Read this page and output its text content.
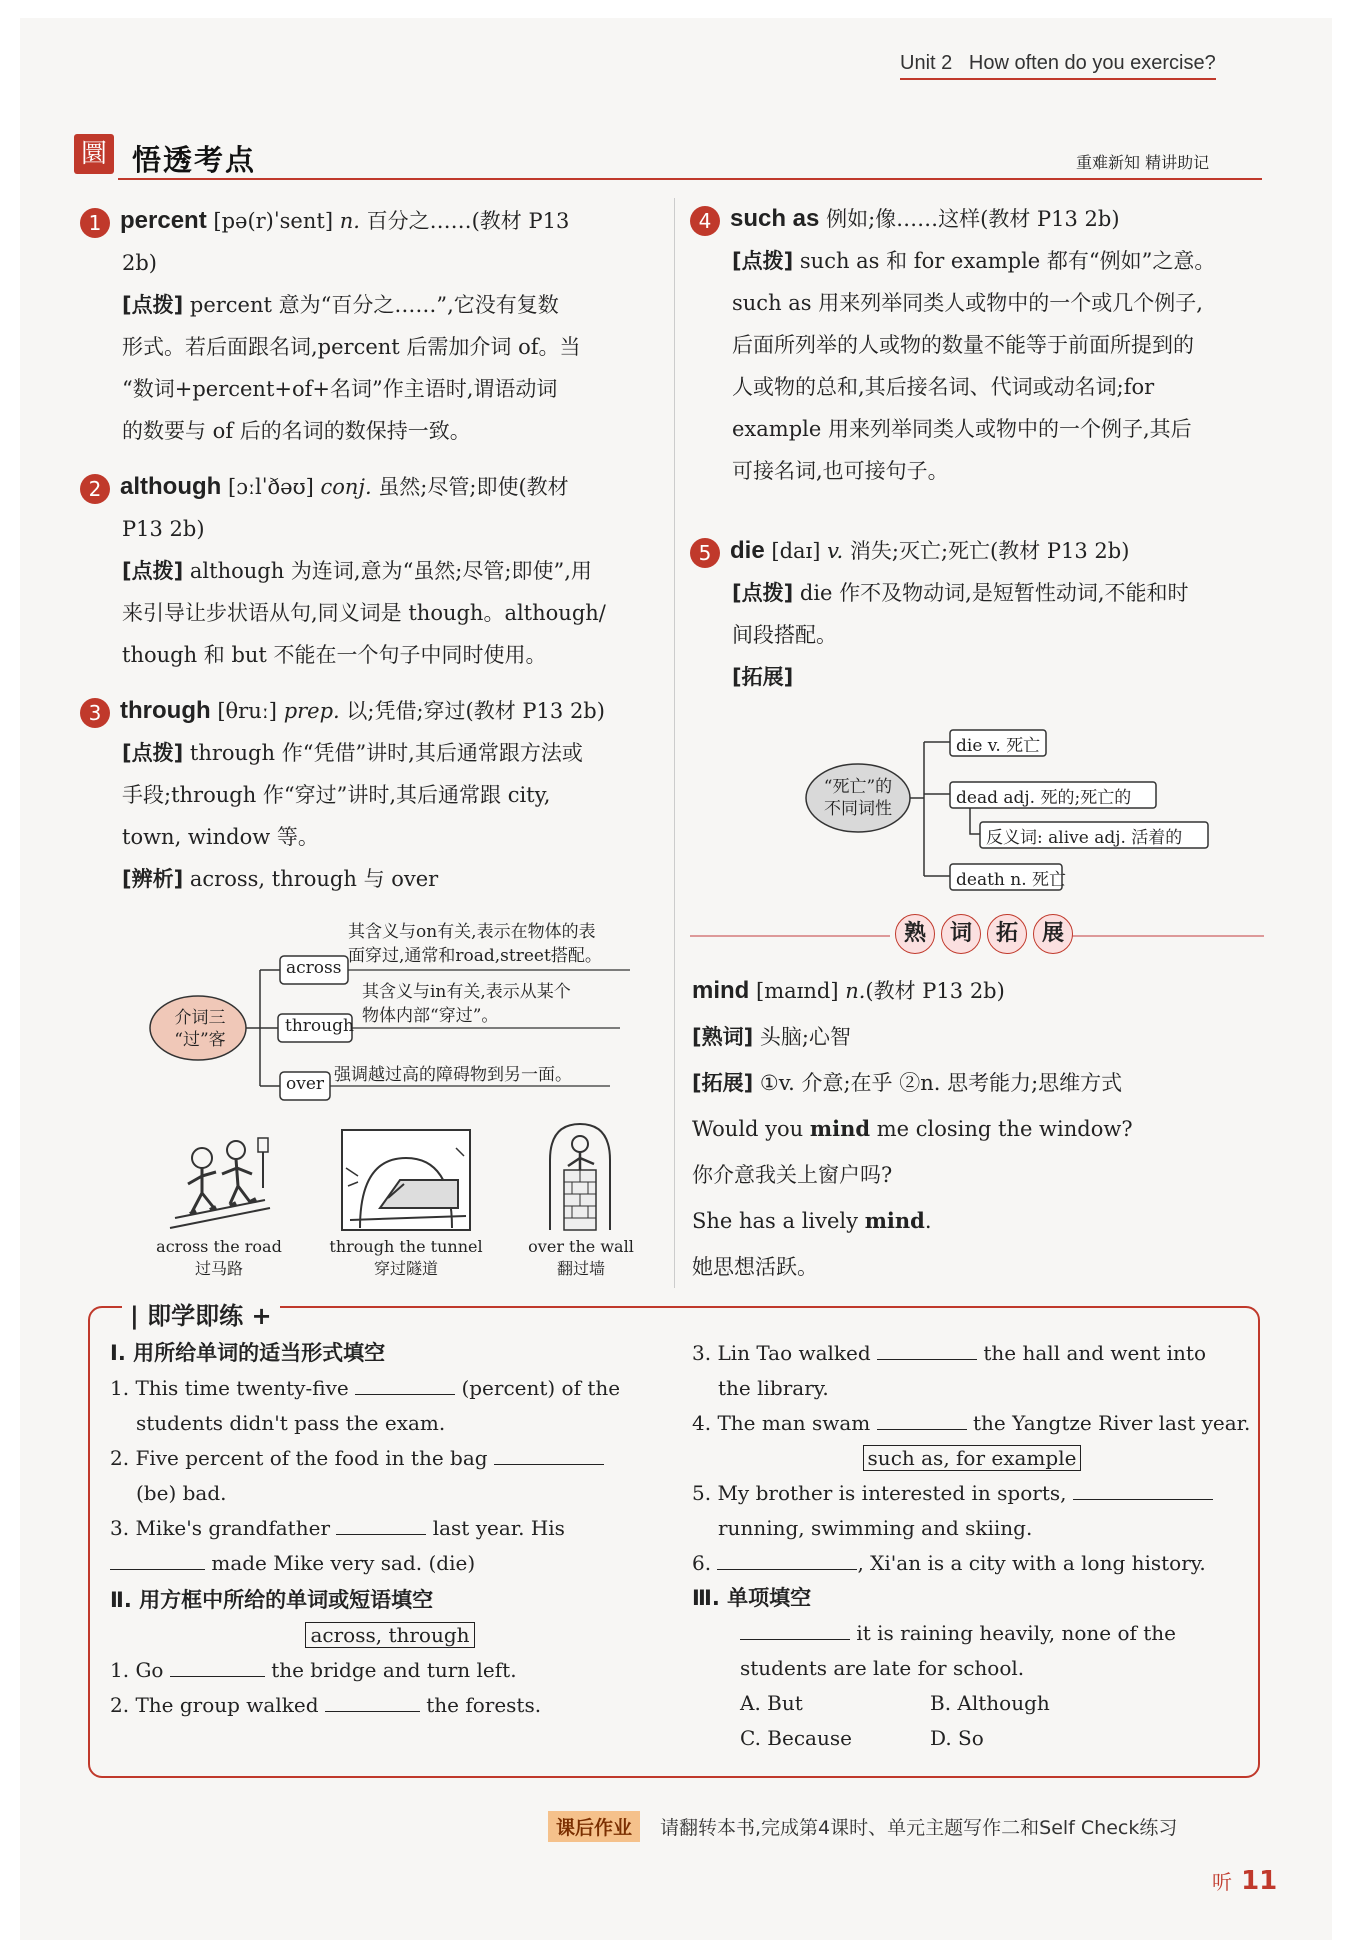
Unit 2 How often do you exercise?
圜 悟透考点	重难新知 精讲助记
1 percent [pə(r)ˈsent] n. 百分之……(教材 P13
2b)
[点拨] percent 意为“百分之……”,它没有复数
形式。若后面跟名词,percent 后需加介词 of。当
“数词+percent+of+名词”作主语时,谓语动词
的数要与 of 后的名词的数保持一致。
2 although [ɔːlˈðəʊ] conj. 虽然;尽管;即使(教材
P13 2b)
[点拨] although 为连词,意为“虽然;尽管;即使”,用
来引导让步状语从句,同义词是 though。although/
though 和 but 不能在一个句子中同时使用。
3 through [θruː] prep. 以;凭借;穿过(教材 P13 2b)
[点拨] through 作“凭借”讲时,其后通常跟方法或
手段;through 作“穿过”讲时,其后通常跟 city,
town, window 等。
[辨析] across, through 与 over
介词三
“过”客
across
through
over
其含义与on有关,表示在物体的表
面穿过,通常和road,street搭配。
其含义与in有关,表示从某个
物体内部“穿过”。
强调越过高的障碍物到另一面。
across the road
过马路
through the tunnel
穿过隧道
over the wall
翻过墙
4 such as 例如;像……这样(教材 P13 2b)
[点拨] such as 和 for example 都有“例如”之意。
such as 用来列举同类人或物中的一个或几个例子,
后面所列举的人或物的数量不能等于前面所提到的
人或物的总和,其后接名词、代词或动名词;for
example 用来列举同类人或物中的一个例子,其后
可接名词,也可接句子。
5 die [daɪ] v. 消失;灭亡;死亡(教材 P13 2b)
[点拨] die 作不及物动词,是短暂性动词,不能和时
间段搭配。
[拓展]
“死亡”的
不同词性
die v. 死亡
dead adj. 死的;死亡的
反义词: alive adj. 活着的
death n. 死亡
熟 词 拓 展
mind [maɪnd] n.(教材 P13 2b)
[熟词] 头脑;心智
[拓展] ①v. 介意;在乎 ②n. 思考能力;思维方式
Would you mind me closing the window?
你介意我关上窗户吗?
She has a lively mind.
她思想活跃。
| 即学即练 +
Ⅰ. 用所给单词的适当形式填空
1. This time twenty-five	(percent) of the
students didn't pass the exam.
2. Five percent of the food in the bag
(be) bad.
3. Mike's grandfather	last year. His
made Mike very sad. (die)
Ⅱ. 用方框中所给的单词或短语填空
across, through
1. Go	the bridge and turn left.
2. The group walked	the forests.
3. Lin Tao walked	the hall and went into
the library.
4. The man swam	the Yangtze River last year.
such as, for example
5. My brother is interested in sports,
running, swimming and skiing.
6.	, Xi'an is a city with a long history.
Ⅲ. 单项填空
it is raining heavily, none of the
students are late for school.
A. But	B. Although
C. Because	D. So
课后作业	请翻转本书,完成第4课时、单元主题写作二和Self Check练习
听 11
